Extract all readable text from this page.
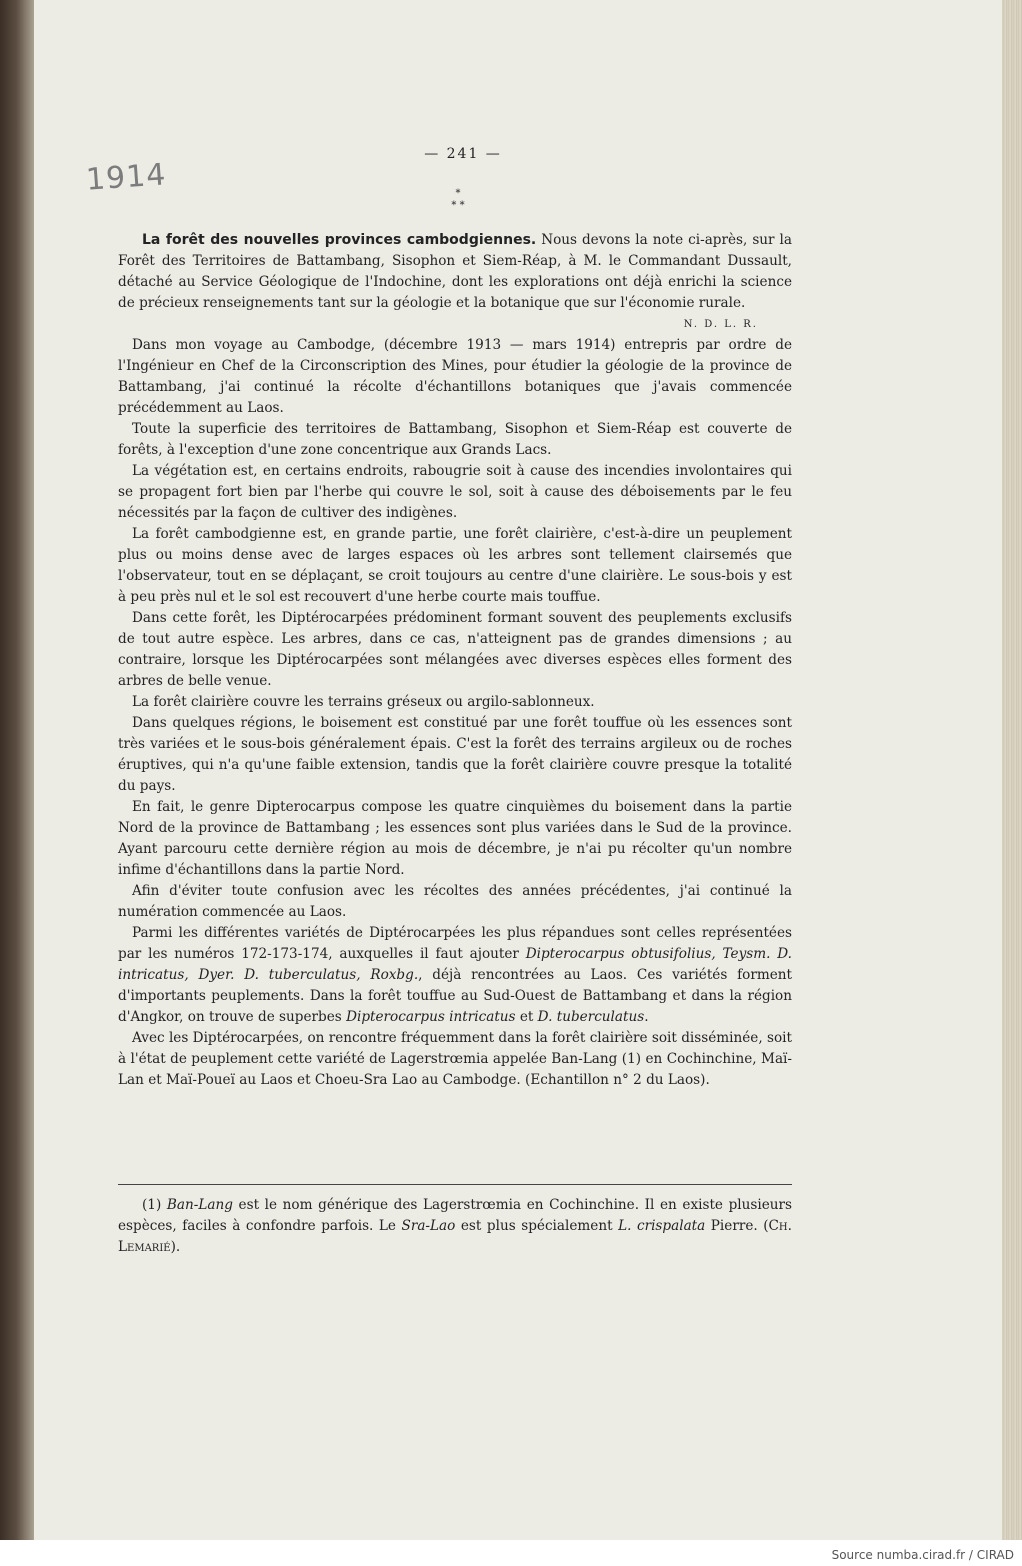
1914
— 241 —
*
* *

La forêt des nouvelles provinces cambodgiennes. Nous devons la note ci-après, sur la Forêt des Territoires de Battambang, Sisophon et Siem-Réap, à M. le Commandant Dussault, détaché au Service Géologique de l'Indochine, dont les explorations ont déjà enrichi la science de précieux renseignements tant sur la géologie et la botanique que sur l'économie rurale.

N. D. L. R.

Dans mon voyage au Cambodge, (décembre 1913 — mars 1914) entrepris par ordre de l'Ingénieur en Chef de la Circonscription des Mines, pour étudier la géologie de la province de Battambang, j'ai continué la récolte d'échantillons botaniques que j'avais commencée précédemment au Laos.

Toute la superficie des territoires de Battambang, Sisophon et Siem-Réap est couverte de forêts, à l'exception d'une zone concentrique aux Grands Lacs.

La végétation est, en certains endroits, rabougrie soit à cause des incendies involontaires qui se propagent fort bien par l'herbe qui couvre le sol, soit à cause des déboisements par le feu nécessités par la façon de cultiver des indigènes.

La forêt cambodgienne est, en grande partie, une forêt clairière, c'est-à-dire un peuplement plus ou moins dense avec de larges espaces où les arbres sont tellement clairsemés que l'observateur, tout en se déplaçant, se croit toujours au centre d'une clairière. Le sous-bois y est à peu près nul et le sol est recouvert d'une herbe courte mais touffue.

Dans cette forêt, les Diptérocarpées prédominent formant souvent des peuplements exclusifs de tout autre espèce. Les arbres, dans ce cas, n'atteignent pas de grandes dimensions ; au contraire, lorsque les Diptérocarpées sont mélangées avec diverses espèces elles forment des arbres de belle venue.

La forêt clairière couvre les terrains gréseux ou argilo-sablonneux.

Dans quelques régions, le boisement est constitué par une forêt touffue où les essences sont très variées et le sous-bois généralement épais. C'est la forêt des terrains argileux ou de roches éruptives, qui n'a qu'une faible extension, tandis que la forêt clairière couvre presque la totalité du pays.

En fait, le genre Dipterocarpus compose les quatre cinquièmes du boisement dans la partie Nord de la province de Battambang ; les essences sont plus variées dans le Sud de la province. Ayant parcouru cette dernière région au mois de décembre, je n'ai pu récolter qu'un nombre infime d'échantillons dans la partie Nord.

Afin d'éviter toute confusion avec les récoltes des années précédentes, j'ai continué la numération commencée au Laos.

Parmi les différentes variétés de Diptérocarpées les plus répandues sont celles représentées par les numéros 172-173-174, auxquelles il faut ajouter Dipterocarpus obtusifolius, Teysm. D. intricatus, Dyer. D. tuberculatus, Roxbg., déjà rencontrées au Laos. Ces variétés forment d'importants peuplements. Dans la forêt touffue au Sud-Ouest de Battambang et dans la région d'Angkor, on trouve de superbes Dipterocarpus intricatus et D. tuberculatus.

Avec les Diptérocarpées, on rencontre fréquemment dans la forêt clairière soit disséminée, soit à l'état de peuplement cette variété de Lagerstrœmia appelée Ban-Lang (1) en Cochinchine, Maï-Lan et Maï-Poueï au Laos et Choeu-Sra Lao au Cambodge. (Echantillon n° 2 du Laos).

(1) Ban-Lang est le nom générique des Lagerstrœmia en Cochinchine. Il en existe plusieurs espèces, faciles à confondre parfois. Le Sra-Lao est plus spécialement L. crispalata Pierre. (Ch. Lemarié).

Source numba.cirad.fr / CIRAD
